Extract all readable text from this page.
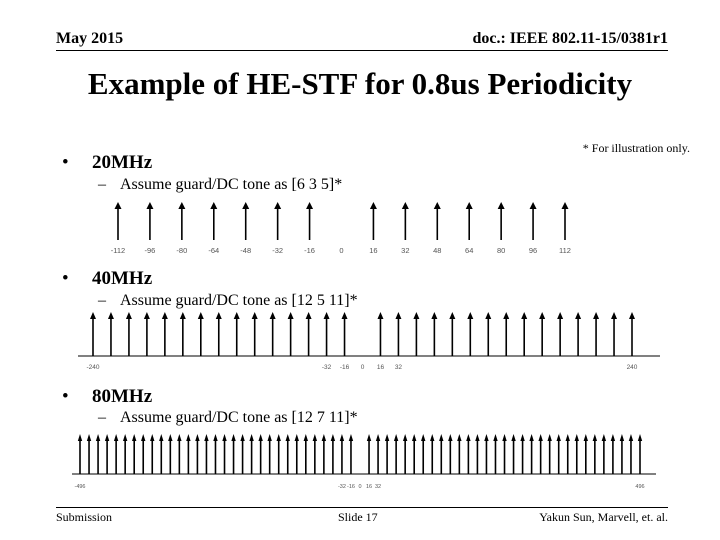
May 2015	doc.: IEEE 802.11-15/0381r1
Example of HE-STF for 0.8us Periodicity
* For illustration only.
• 20MHz
– Assume guard/DC tone as [6 3 5]*
-112	-96	-80	-64	-48	-32	-16	0	16	32	48	64	80	96	112
• 40MHz
– Assume guard/DC tone as [12 5 11]*
-240	-32 -16 0 16 32	240
• 80MHz
– Assume guard/DC tone as [12 7 11]*
-496	-32 -16 0 16 32	496
Submission	Slide 17	Yakun Sun, Marvell, et. al.
